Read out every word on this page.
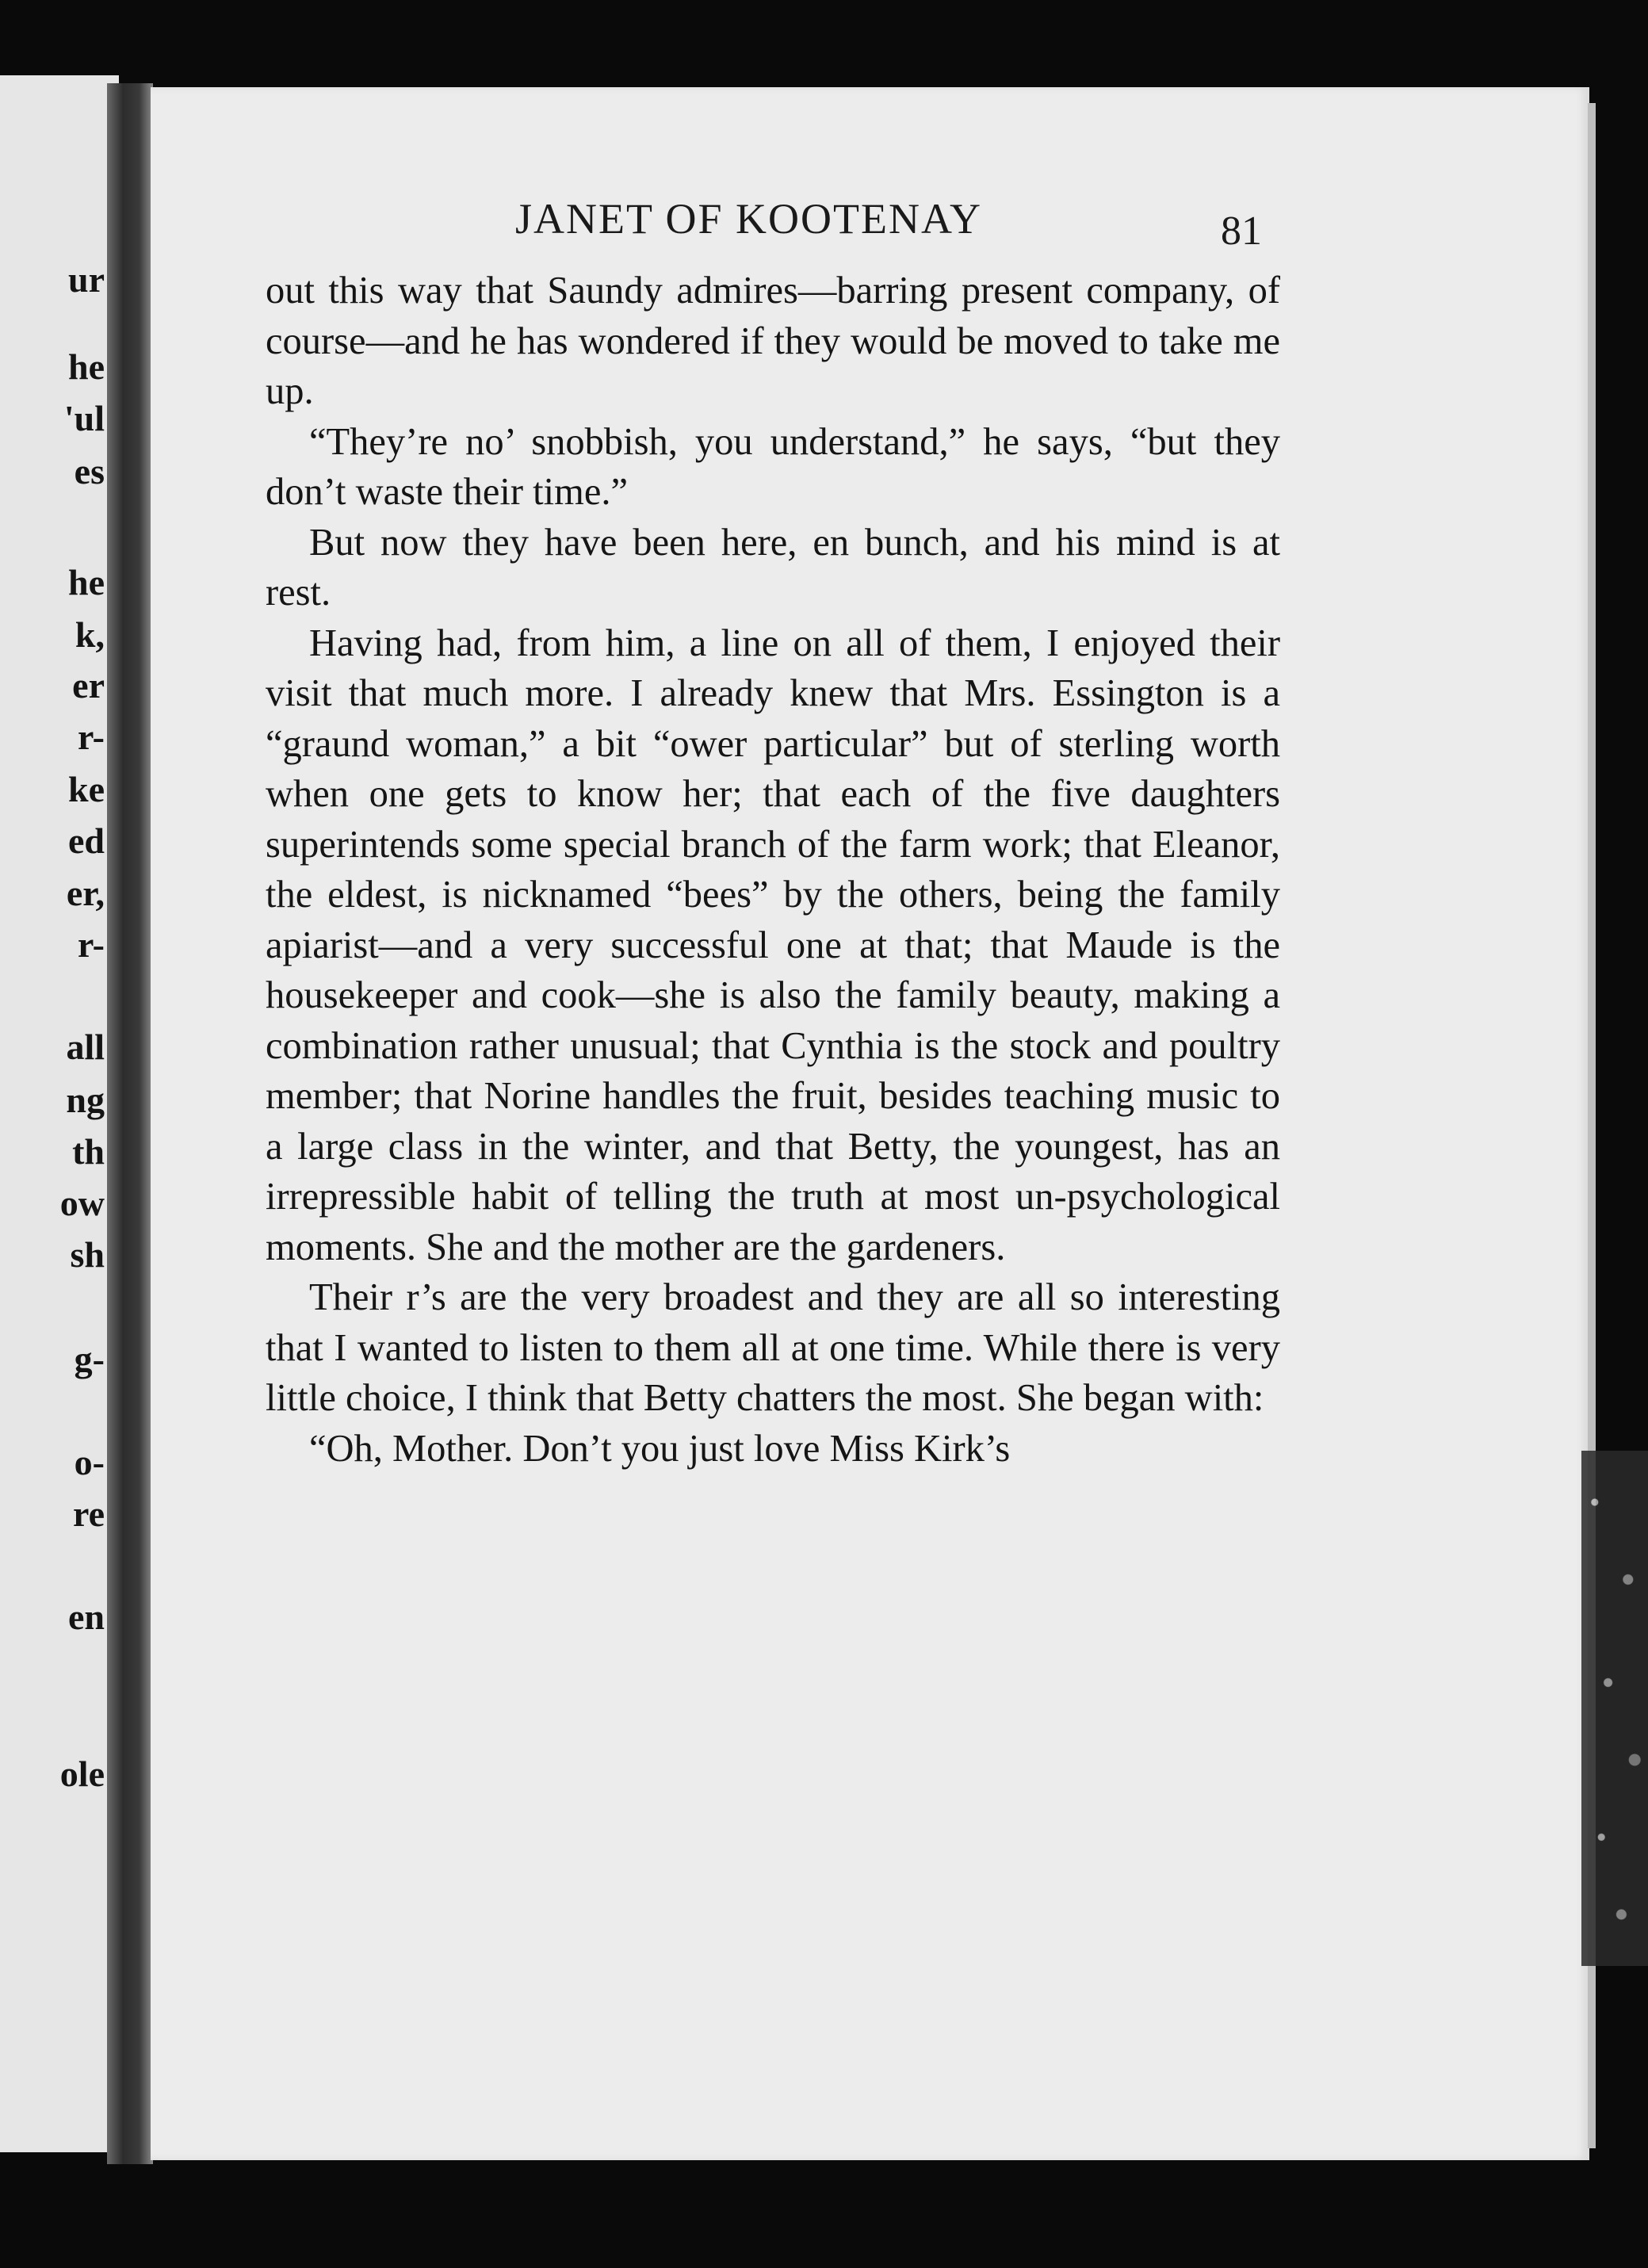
ur
he
'ul
es
he
k,
er
r-
ke
ed
er,
r-
all
ng
th
ow
sh
g-
o-
re
en
ole
JANET OF KOOTENAY	81

out this way that Saundy admires—barring present company, of course—and he has wondered if they would be moved to take me up.

“They’re no’ snobbish, you understand,” he says, “but they don’t waste their time.”

But now they have been here, en bunch, and his mind is at rest.

Having had, from him, a line on all of them, I enjoyed their visit that much more. I already knew that Mrs. Essington is a “graund woman,” a bit “ower particular” but of sterling worth when one gets to know her; that each of the five daughters superintends some special branch of the farm work; that Eleanor, the eldest, is nicknamed “bees” by the others, being the family apiarist—and a very successful one at that; that Maude is the housekeeper and cook—she is also the family beauty, making a combination rather unusual; that Cynthia is the stock and poultry member; that Norine handles the fruit, besides teaching music to a large class in the winter, and that Betty, the youngest, has an irrepressible habit of telling the truth at most un-psychological moments. She and the mother are the gardeners.

Their r’s are the very broadest and they are all so interesting that I wanted to listen to them all at one time. While there is very little choice, I think that Betty chatters the most. She began with:

“Oh, Mother. Don’t you just love Miss Kirk’s
